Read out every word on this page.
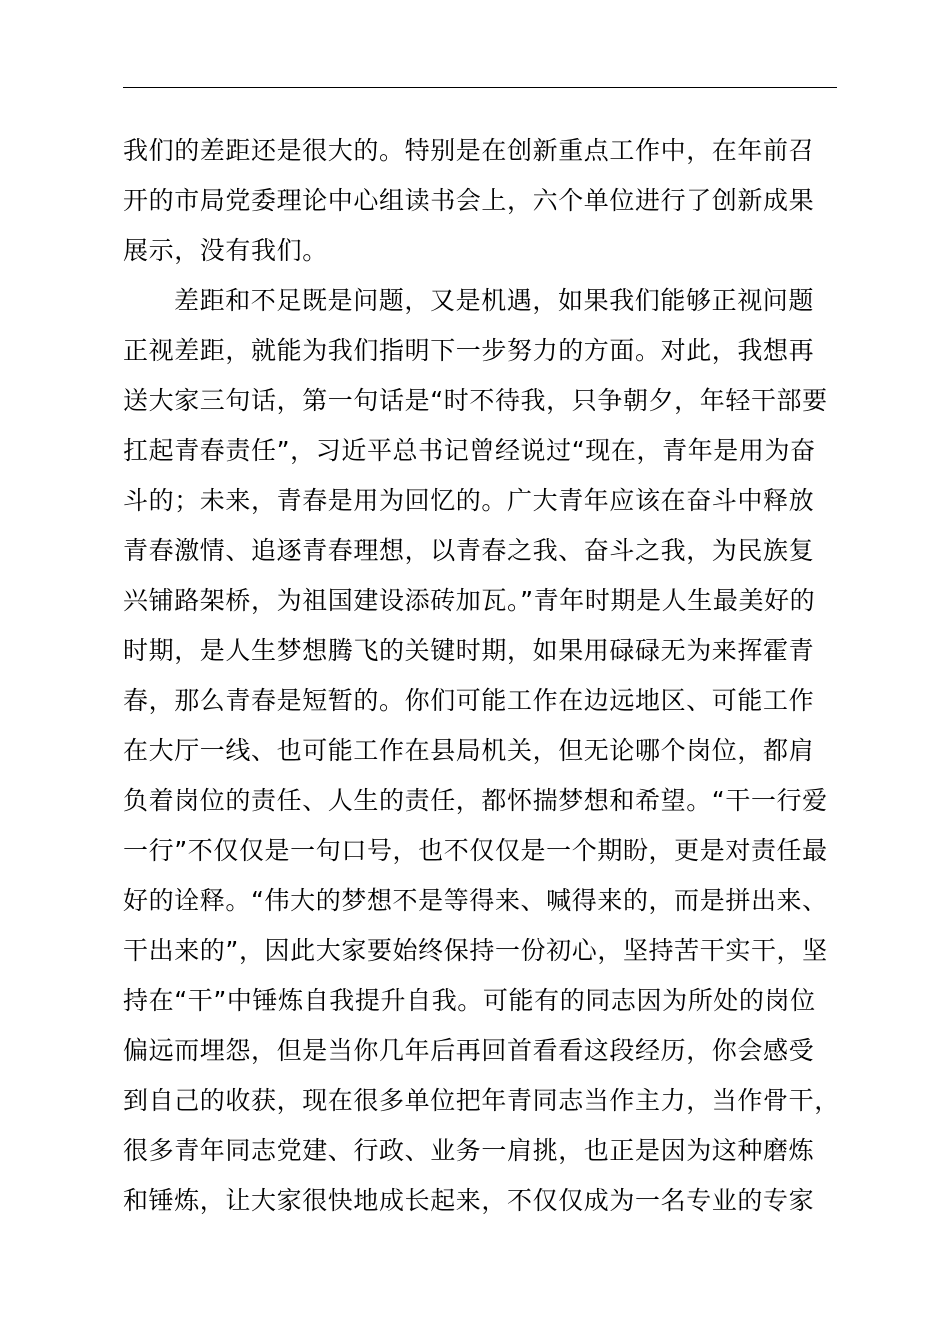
我们的差距还是很大的。特别是在创新重点工作中，在年前召
开的市局党委理论中心组读书会上，六个单位进行了创新成果
展示，没有我们。
差距和不足既是问题，又是机遇，如果我们能够正视问题
正视差距，就能为我们指明下一步努力的方面。对此，我想再
送大家三句话，第一句话是“时不待我，只争朝夕，年轻干部要
扛起青春责任”，习近平总书记曾经说过“现在，青年是用为奋
斗的；未来，青春是用为回忆的。广大青年应该在奋斗中释放
青春激情、追逐青春理想，以青春之我、奋斗之我，为民族复
兴铺路架桥，为祖国建设添砖加瓦。”青年时期是人生最美好的
时期，是人生梦想腾飞的关键时期，如果用碌碌无为来挥霍青
春，那么青春是短暂的。你们可能工作在边远地区、可能工作
在大厅一线、也可能工作在县局机关，但无论哪个岗位，都肩
负着岗位的责任、人生的责任，都怀揣梦想和希望。“干一行爱
一行”不仅仅是一句口号，也不仅仅是一个期盼，更是对责任最
好的诠释。“伟大的梦想不是等得来、喊得来的，而是拼出来、
干出来的”，因此大家要始终保持一份初心，坚持苦干实干，坚
持在“干”中锤炼自我提升自我。可能有的同志因为所处的岗位
偏远而埋怨，但是当你几年后再回首看看这段经历，你会感受
到自己的收获，现在很多单位把年青同志当作主力，当作骨干，
很多青年同志党建、行政、业务一肩挑，也正是因为这种磨炼
和锤炼，让大家很快地成长起来，不仅仅成为一名专业的专家
